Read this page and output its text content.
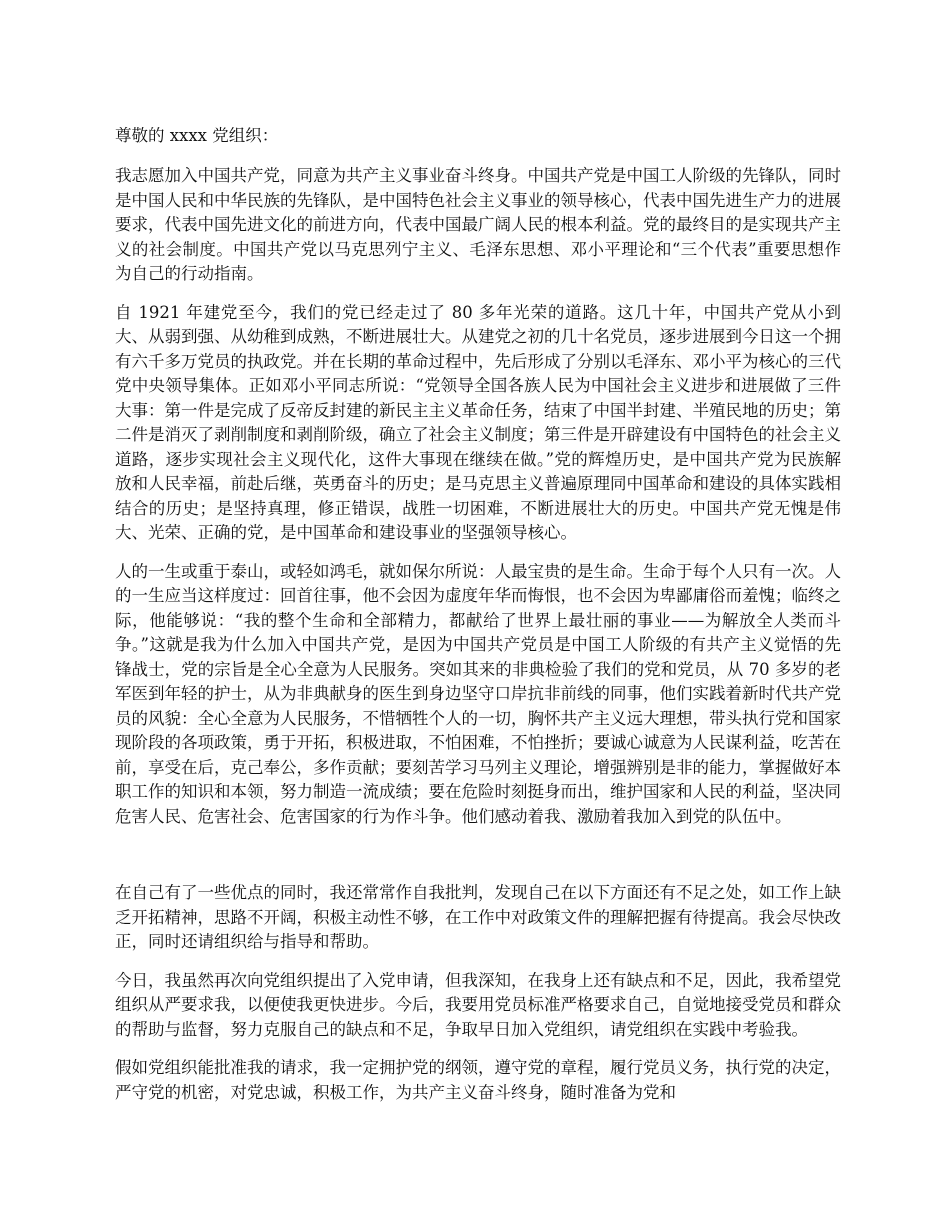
尊敬的 xxxx 党组织：

我志愿加入中国共产党，同意为共产主义事业奋斗终身。中国共产党是中国工人阶级的先锋队，同时是中国人民和中华民族的先锋队，是中国特色社会主义事业的领导核心，代表中国先进生产力的进展要求，代表中国先进文化的前进方向，代表中国最广阔人民的根本利益。党的最终目的是实现共产主义的社会制度。中国共产党以马克思列宁主义、毛泽东思想、邓小平理论和“三个代表”重要思想作为自己的行动指南。

自 1921 年建党至今，我们的党已经走过了 80 多年光荣的道路。这几十年，中国共产党从小到大、从弱到强、从幼稚到成熟，不断进展壮大。从建党之初的几十名党员，逐步进展到今日这一个拥有六千多万党员的执政党。并在长期的革命过程中，先后形成了分别以毛泽东、邓小平为核心的三代党中央领导集体。正如邓小平同志所说：“党领导全国各族人民为中国社会主义进步和进展做了三件大事：第一件是完成了反帝反封建的新民主主义革命任务，结束了中国半封建、半殖民地的历史；第二件是消灭了剥削制度和剥削阶级，确立了社会主义制度；第三件是开辟建设有中国特色的社会主义道路，逐步实现社会主义现代化，这件大事现在继续在做。”党的辉煌历史，是中国共产党为民族解放和人民幸福，前赴后继，英勇奋斗的历史；是马克思主义普遍原理同中国革命和建设的具体实践相结合的历史；是坚持真理，修正错误，战胜一切困难，不断进展壮大的历史。中国共产党无愧是伟大、光荣、正确的党，是中国革命和建设事业的坚强领导核心。

人的一生或重于泰山，或轻如鸿毛，就如保尔所说：人最宝贵的是生命。生命于每个人只有一次。人的一生应当这样度过：回首往事，他不会因为虚度年华而悔恨，也不会因为卑鄙庸俗而羞愧；临终之际，他能够说：“我的整个生命和全部精力，都献给了世界上最壮丽的事业——为解放全人类而斗争。”这就是我为什么加入中国共产党，是因为中国共产党员是中国工人阶级的有共产主义觉悟的先锋战士，党的宗旨是全心全意为人民服务。突如其来的非典检验了我们的党和党员，从 70 多岁的老军医到年轻的护士，从为非典献身的医生到身边坚守口岸抗非前线的同事，他们实践着新时代共产党员的风貌：全心全意为人民服务，不惜牺牲个人的一切，胸怀共产主义远大理想，带头执行党和国家现阶段的各项政策，勇于开拓，积极进取，不怕困难，不怕挫折；要诚心诚意为人民谋利益，吃苦在前，享受在后，克己奉公，多作贡献；要刻苦学习马列主义理论，增强辨别是非的能力，掌握做好本职工作的知识和本领，努力制造一流成绩；要在危险时刻挺身而出，维护国家和人民的利益，坚决同危害人民、危害社会、危害国家的行为作斗争。他们感动着我、激励着我加入到党的队伍中。

在自己有了一些优点的同时，我还常常作自我批判，发现自己在以下方面还有不足之处，如工作上缺乏开拓精神，思路不开阔，积极主动性不够，在工作中对政策文件的理解把握有待提高。我会尽快改正，同时还请组织给与指导和帮助。

今日，我虽然再次向党组织提出了入党申请，但我深知，在我身上还有缺点和不足，因此，我希望党组织从严要求我，以便使我更快进步。今后，我要用党员标准严格要求自己，自觉地接受党员和群众的帮助与监督，努力克服自己的缺点和不足，争取早日加入党组织，请党组织在实践中考验我。

假如党组织能批准我的请求，我一定拥护党的纲领，遵守党的章程，履行党员义务，执行党的决定，严守党的机密，对党忠诚，积极工作，为共产主义奋斗终身，随时准备为党和
